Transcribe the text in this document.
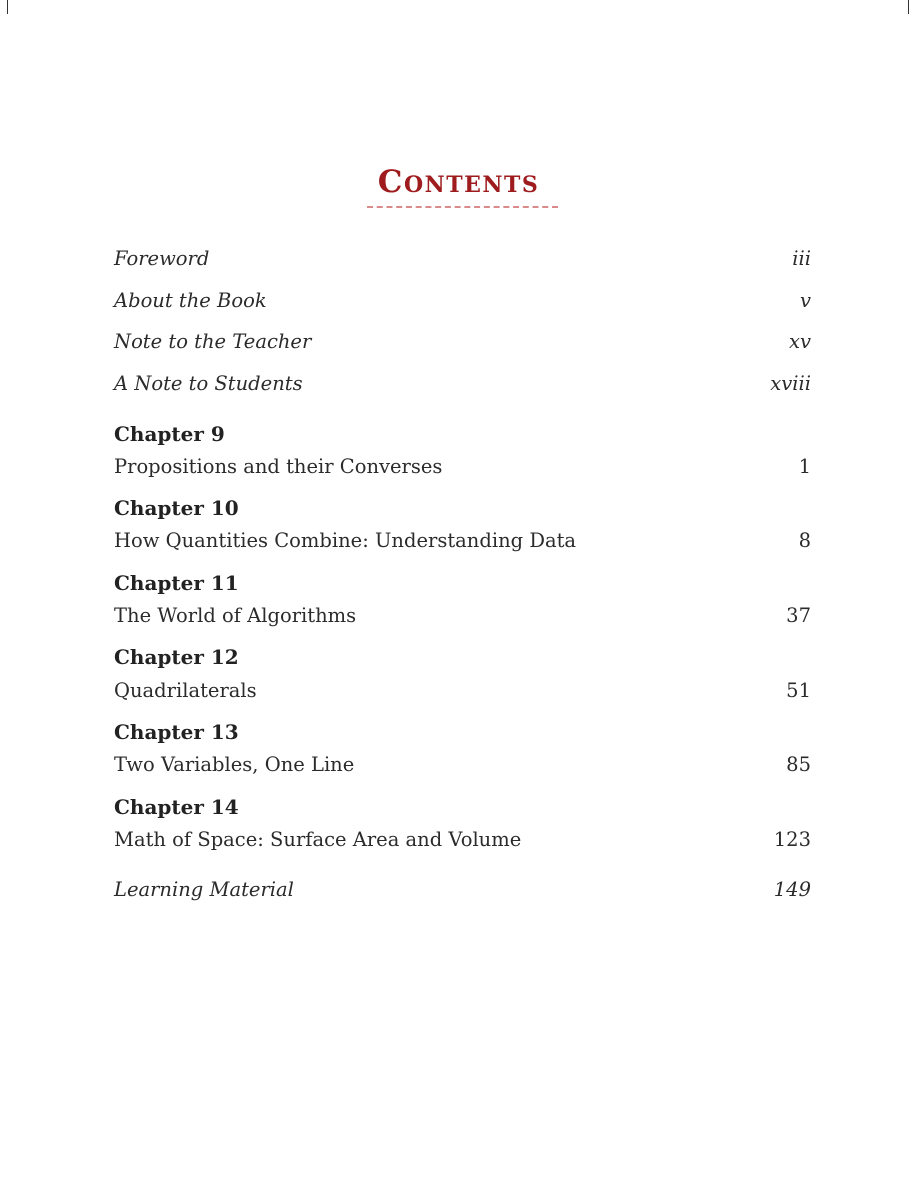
Contents
Foreword	iii
About the Book	v
Note to the Teacher	xv
A Note to Students	xviii
Chapter 9
Propositions and their Converses	1
Chapter 10
How Quantities Combine: Understanding Data	8
Chapter 11
The World of Algorithms	37
Chapter 12
Quadrilaterals	51
Chapter 13
Two Variables, One Line	85
Chapter 14
Math of Space: Surface Area and Volume	123
Learning Material	149
